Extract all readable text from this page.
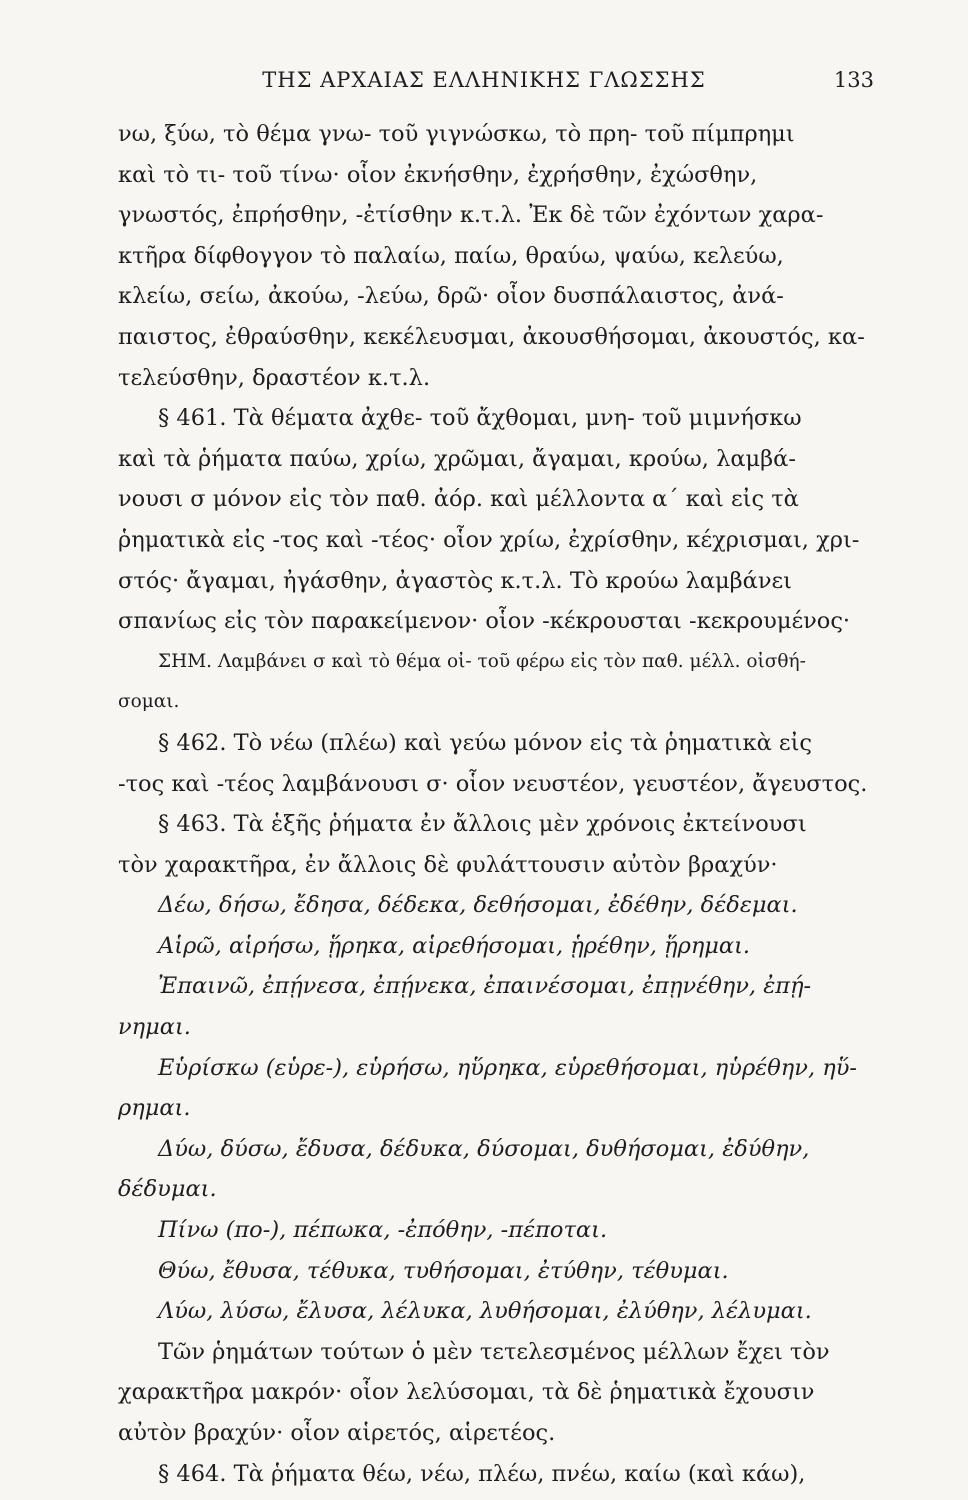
ΤΗΣ ΑΡΧΑΙΑΣ ΕΛΛΗΝΙΚΗΣ ΓΛΩΣΣΗΣ	133
νω, ξύω, τὸ θέμα γνω- τοῦ γιγνώσκω, τὸ πρη- τοῦ πίμπρημι
καὶ τὸ τι- τοῦ τίνω· οἷον ἐκνήσθην, ἐχρήσθην, ἐχώσθην,
γνωστός, ἐπρήσθην, -ἐτίσθην κ.τ.λ. Ἐκ δὲ τῶν ἐχόντων χαρα-
κτῆρα δίφθογγον τὸ παλαίω, παίω, θραύω, ψαύω, κελεύω,
κλείω, σείω, ἀκούω, -λεύω, δρῶ· οἷον δυσπάλαιστος, ἀνά-
παιστος, ἐθραύσθην, κεκέλευσμαι, ἀκουσθήσομαι, ἀκουστός, κα-
τελεύσθην, δραστέον κ.τ.λ.
§ 461. Τὰ θέματα ἀχθε- τοῦ ἄχθομαι, μνη- τοῦ μιμνήσκω
καὶ τὰ ῥήματα παύω, χρίω, χρῶμαι, ἄγαμαι, κρούω, λαμβά-
νουσι σ μόνον εἰς τὸν παθ. ἀόρ. καὶ μέλλοντα α΄ καὶ εἰς τὰ
ῥηματικὰ εἰς -τος καὶ -τέος· οἷον χρίω, ἐχρίσθην, κέχρισμαι, χρι-
στός· ἄγαμαι, ἠγάσθην, ἀγαστὸς κ.τ.λ. Τὸ κρούω λαμβάνει
σπανίως εἰς τὸν παρακείμενον· οἷον -κέκρουσται -κεκρουμένος·
ΣΗΜ. Λαμβάνει σ καὶ τὸ θέμα οἰ- τοῦ φέρω εἰς τὸν παθ. μέλλ. οἰσθή-
σομαι.
§ 462. Τὸ νέω (πλέω) καὶ γεύω μόνον εἰς τὰ ῥηματικὰ εἰς
-τος καὶ -τέος λαμβάνουσι σ· οἷον νευστέον, γευστέον, ἄγευστος.
§ 463. Τὰ ἑξῆς ῥήματα ἐν ἄλλοις μὲν χρόνοις ἐκτείνουσι
τὸν χαρακτῆρα, ἐν ἄλλοις δὲ φυλάττουσιν αὐτὸν βραχύν·
Δέω, δήσω, ἔδησα, δέδεκα, δεθήσομαι, ἐδέθην, δέδεμαι.
Αἱρῶ, αἱρήσω, ᾕρηκα, αἱρεθήσομαι, ᾑρέθην, ᾕρημαι.
Ἐπαινῶ, ἐπῄνεσα, ἐπῄνεκα, ἐπαινέσομαι, ἐπῃνέθην, ἐπῄ-
νημαι.
Εὑρίσκω (εὑρε-), εὑρήσω, ηὕρηκα, εὑρεθήσομαι, ηὑρέθην, ηὕ-
ρημαι.
Δύω, δύσω, ἔδυσα, δέδυκα, δύσομαι, δυθήσομαι, ἐδύθην,
δέδυμαι.
Πίνω (πο-), πέπωκα, -ἐπόθην, -πέποται.
Θύω, ἔθυσα, τέθυκα, τυθήσομαι, ἐτύθην, τέθυμαι.
Λύω, λύσω, ἔλυσα, λέλυκα, λυθήσομαι, ἐλύθην, λέλυμαι.
Τῶν ῥημάτων τούτων ὁ μὲν τετελεσμένος μέλλων ἔχει τὸν
χαρακτῆρα μακρόν· οἷον λελύσομαι, τὰ δὲ ῥηματικὰ ἔχουσιν
αὐτὸν βραχύν· οἷον αἱρετός, αἱρετέος.
§ 464. Τὰ ῥήματα θέω, νέω, πλέω, πνέω, καίω (καὶ κάω),
